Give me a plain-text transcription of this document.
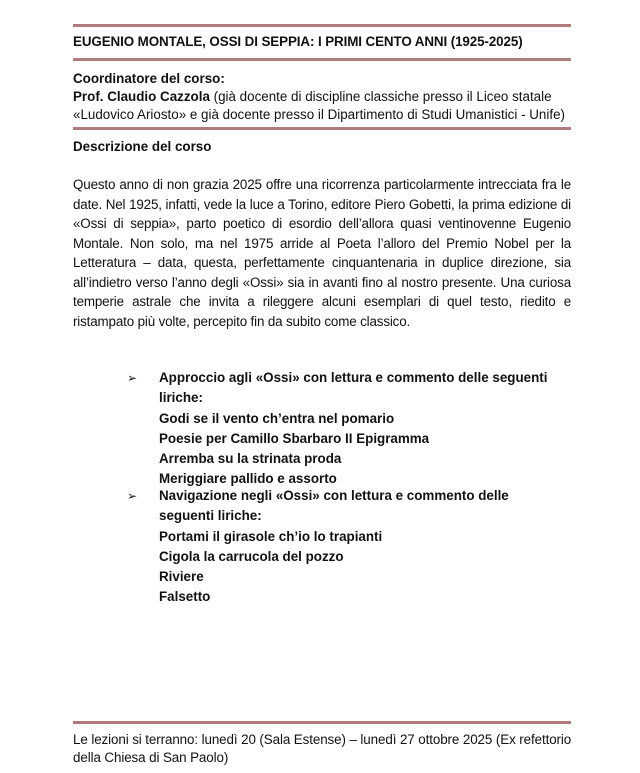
EUGENIO MONTALE, OSSI DI SEPPIA: I PRIMI CENTO ANNI (1925-2025)
Coordinatore del corso:
Prof. Claudio Cazzola (già docente di discipline classiche presso il Liceo statale «Ludovico Ariosto» e già docente presso il Dipartimento di Studi Umanistici - Unife)
Descrizione del corso
Questo anno di non grazia 2025 offre una ricorrenza particolarmente intrecciata fra le date. Nel 1925, infatti, vede la luce a Torino, editore Piero Gobetti, la prima edizione di «Ossi di seppia», parto poetico di esordio dell’allora quasi ventinovenne Eugenio Montale. Non solo, ma nel 1975 arride al Poeta l’alloro del Premio Nobel per la Letteratura – data, questa, perfettamente cinquantenaria in duplice direzione, sia all’indietro verso l’anno degli «Ossi» sia in avanti fino al nostro presente. Una curiosa temperie astrale che invita a rileggere alcuni esemplari di quel testo, riedito e ristampato più volte, percepito fin da subito come classico.
➢ Approccio agli «Ossi» con lettura e commento delle seguenti liriche:
Godi se il vento ch’entra nel pomario
Poesie per Camillo Sbarbaro II Epigramma
Arremba su la strinata proda
Meriggiare pallido e assorto
➢ Navigazione negli «Ossi» con lettura e commento delle seguenti liriche:
Portami il girasole ch’io lo trapianti
Cigola la carrucola del pozzo
Riviere
Falsetto
Le lezioni si terranno: lunedì 20 (Sala Estense) – lunedì 27 ottobre 2025 (Ex refettorio della Chiesa di San Paolo)
